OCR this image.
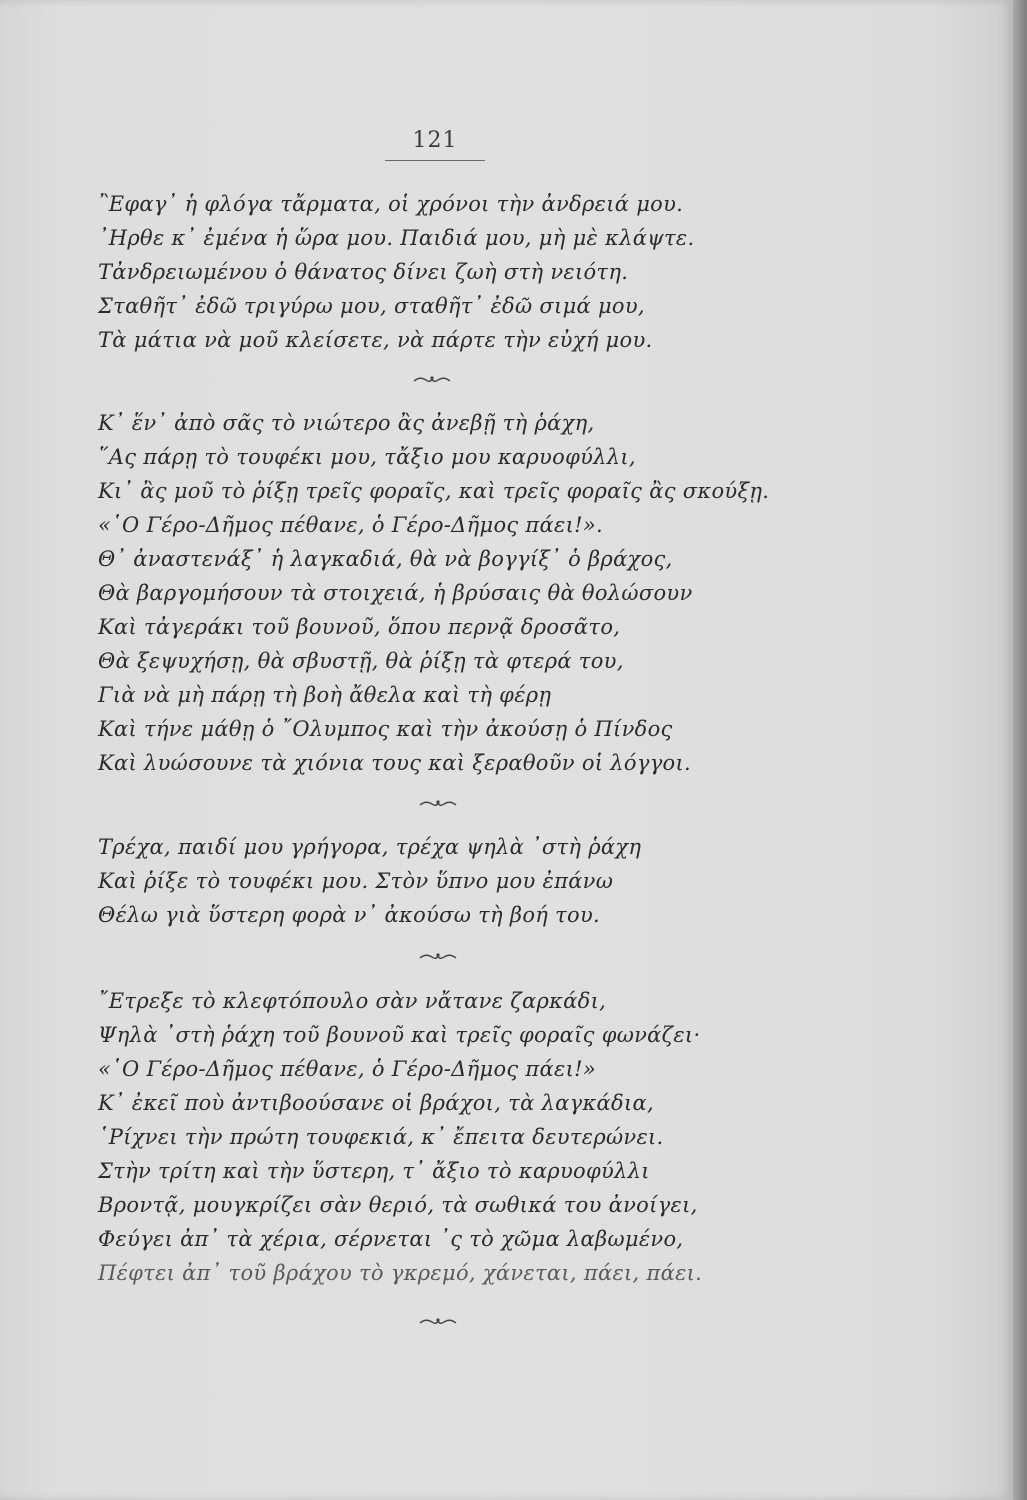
121
῍Εφαγ᾿ ἡ φλόγα τἄρματα, οἱ χρόνοι τὴν ἀνδρειά μου.
᾿Ηρθε κ᾿ ἐμένα ἡ ὥρα μου. Παιδιά μου, μὴ μὲ κλάψτε.
Τἀνδρειωμένου ὁ θάνατος δίνει ζωὴ στὴ νειότη.
Σταθῆτ᾿ ἐδῶ τριγύρω μου, σταθῆτ᾿ ἐδῶ σιμά μου,
Τὰ μάτια νὰ μοῦ κλείσετε, νὰ πάρτε τὴν εὐχή μου.
Κ᾿ ἕν᾿ ἀπὸ σᾶς τὸ νιώτερο ἂς ἀνεβῇ τὴ ῥάχη,
῞Ας πάρῃ τὸ τουφέκι μου, τἄξιο μου καρυοφύλλι,
Κι᾿ ἂς μοῦ τὸ ῥίξῃ τρεῖς φοραῖς, καὶ τρεῖς φοραῖς ἂς σκούξῃ.
«῾Ο Γέρο-Δῆμος πέθανε, ὁ Γέρο-Δῆμος πάει!».
Θ᾿ ἀναστενάξ᾿ ἡ λαγκαδιά, θὰ νὰ βογγίξ᾿ ὁ βράχος,
Θὰ βαργομήσουν τὰ στοιχειά, ἡ βρύσαις θὰ θολώσουν
Καὶ τἀγεράκι τοῦ βουνοῦ, ὅπου περνᾷ δροσᾶτο,
Θὰ ξεψυχήσῃ, θὰ σβυστῇ, θὰ ῥίξῃ τὰ φτερά του,
Γιὰ νὰ μὴ πάρῃ τὴ βοὴ ἄθελα καὶ τὴ φέρῃ
Καὶ τήνε μάθῃ ὁ ῎Ολυμπος καὶ τὴν ἀκούσῃ ὁ Πίνδος
Καὶ λυώσουνε τὰ χιόνια τους καὶ ξεραθοῦν οἱ λόγγοι.
Τρέχα, παιδί μου γρήγορα, τρέχα ψηλὰ ᾽στὴ ῥάχη
Καὶ ῥίξε τὸ τουφέκι μου. Στὸν ὕπνο μου ἐπάνω
Θέλω γιὰ ὕστερη φορὰ ν᾿ ἀκούσω τὴ βοή του.
῎Ετρεξε τὸ κλεφτόπουλο σὰν νἄτανε ζαρκάδι,
Ψηλὰ ᾽στὴ ῥάχη τοῦ βουνοῦ καὶ τρεῖς φοραῖς φωνάζει·
«῾Ο Γέρο-Δῆμος πέθανε, ὁ Γέρο-Δῆμος πάει!»
Κ᾿ ἐκεῖ ποὺ ἀντιβοούσανε οἱ βράχοι, τὰ λαγκάδια,
῾Ρίχνει τὴν πρώτη τουφεκιά, κ᾿ ἔπειτα δευτερώνει.
Στὴν τρίτη καὶ τὴν ὕστερη, τ᾿ ἄξιο τὸ καρυοφύλλι
Βροντᾷ, μουγκρίζει σὰν θεριό, τὰ σωθικά του ἀνοίγει,
Φεύγει ἀπ᾿ τὰ χέρια, σέρνεται ᾽ς τὸ χῶμα λαβωμένο,
Πέφτει ἀπ᾿ τοῦ βράχου τὸ γκρεμό, χάνεται, πάει, πάει.
